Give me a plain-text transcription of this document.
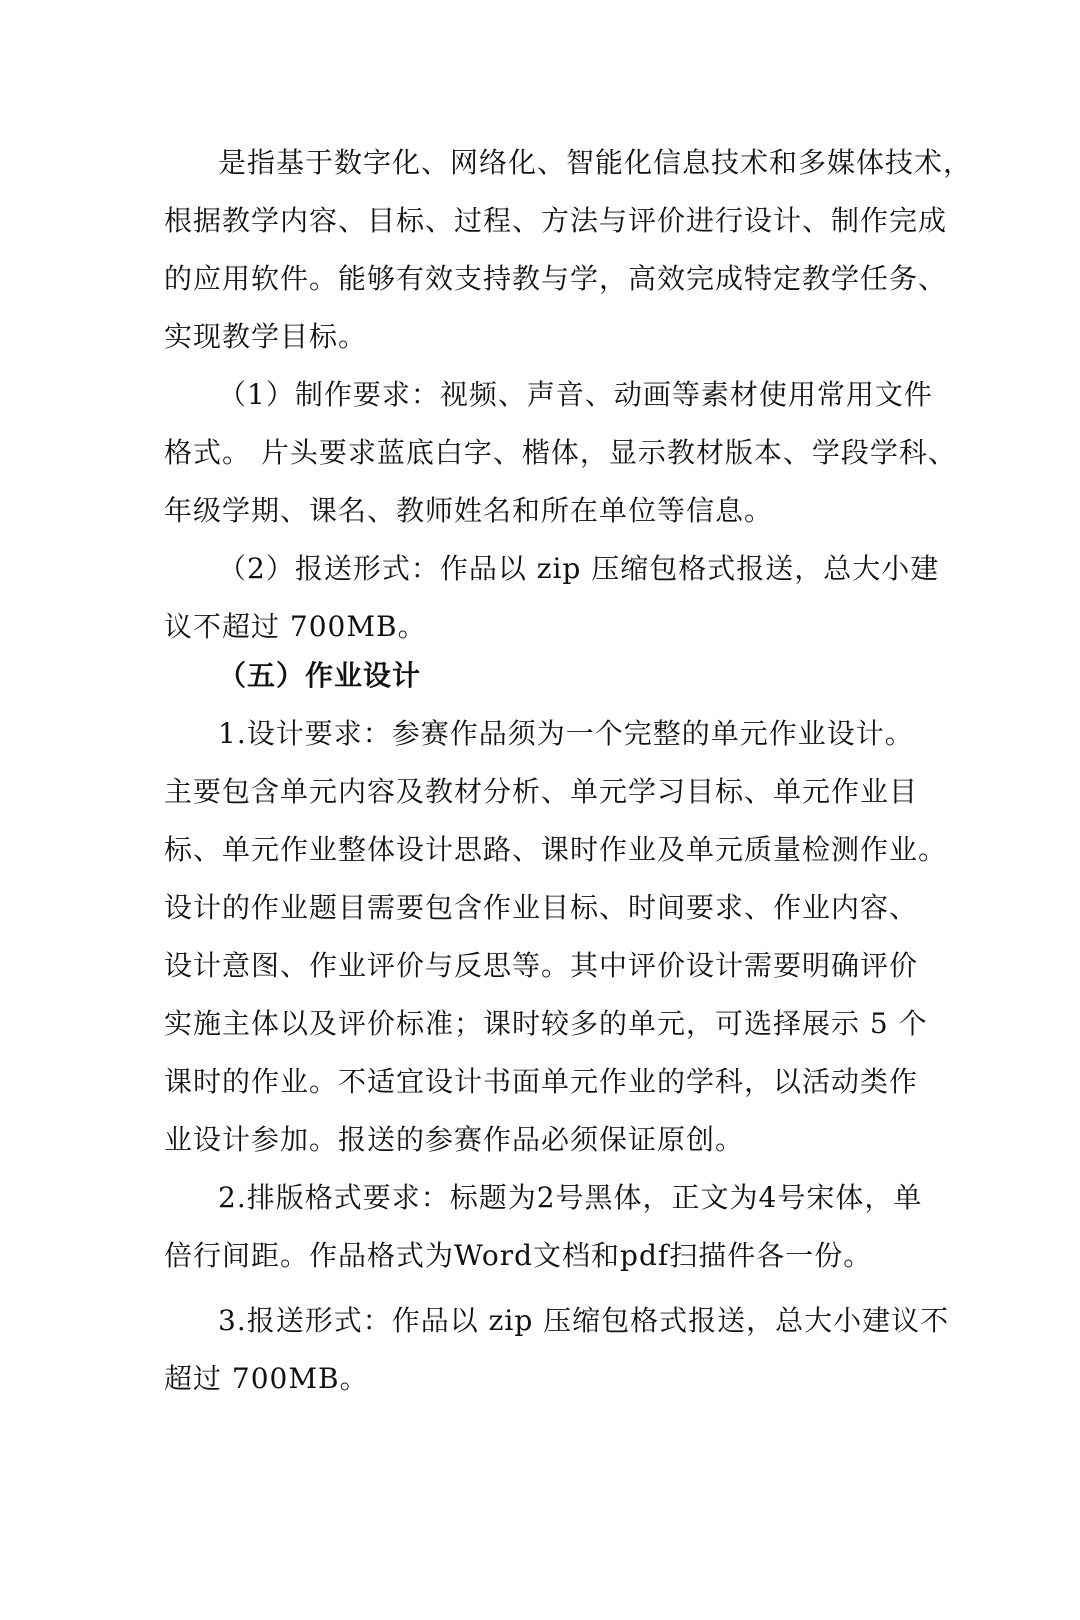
是指基于数字化、网络化、智能化信息技术和多媒体技术，
根据教学内容、目标、过程、方法与评价进行设计、制作完成
的应用软件。能够有效支持教与学，高效完成特定教学任务、
实现教学目标。
（1）制作要求：视频、声音、动画等素材使用常用文件
格式。 片头要求蓝底白字、楷体，显示教材版本、学段学科、
年级学期、课名、教师姓名和所在单位等信息。
（2）报送形式：作品以 zip 压缩包格式报送，总大小建
议不超过 700MB。
（五）作业设计
1.设计要求：参赛作品须为一个完整的单元作业设计。
主要包含单元内容及教材分析、单元学习目标、单元作业目
标、单元作业整体设计思路、课时作业及单元质量检测作业。
设计的作业题目需要包含作业目标、时间要求、作业内容、
设计意图、作业评价与反思等。其中评价设计需要明确评价
实施主体以及评价标准；课时较多的单元，可选择展示 5 个
课时的作业。不适宜设计书面单元作业的学科，以活动类作
业设计参加。报送的参赛作品必须保证原创。
2.排版格式要求：标题为2号黑体，正文为4号宋体，单
倍行间距。作品格式为Word文档和pdf扫描件各一份。
3.报送形式：作品以 zip 压缩包格式报送，总大小建议不
超过 700MB。
